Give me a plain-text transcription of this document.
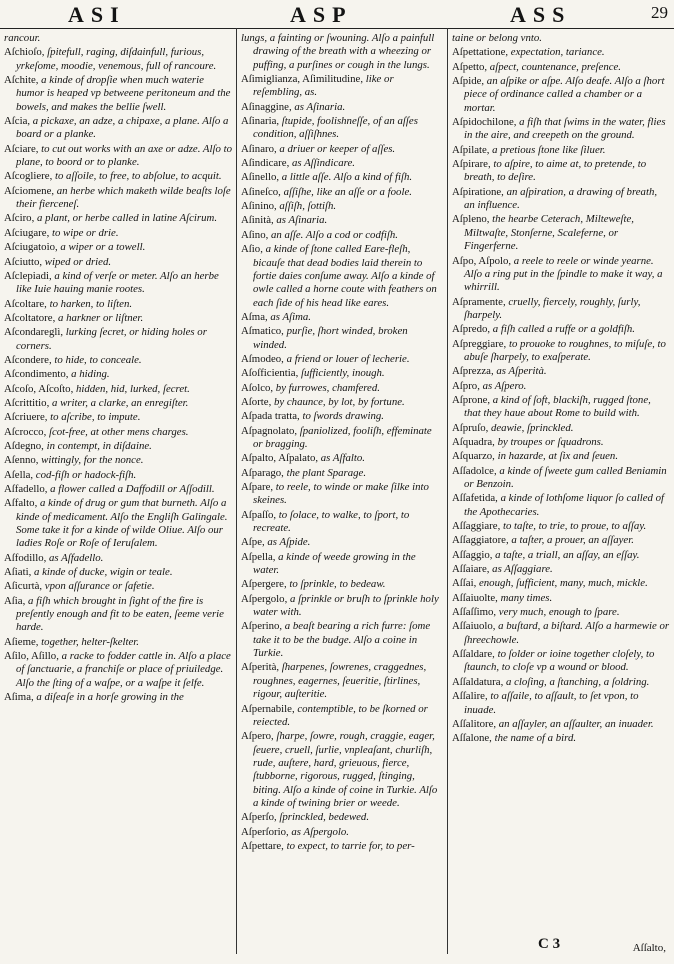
ASI	ASP	ASS	29
rancour.
Aſchioſo, ſpitefull, raging, diſdainfull, furious, yrkeſome, moodie, venemous, full of rancoure.
Aſchite, a kinde of dropſie when much waterie humor is heaped vp betweene peritoneum and the bowels, and makes the bellie ſwell.
Aſcia, a pickaxe, an adze, a chipaxe, a plane. Alſo a board or a planke.
Aſciare, to cut out works with an axe or adze. Alſo to plane, to boord or to planke.
Aſcogliere, to aſſoile, to free, to abſolue, to acquit.
Aſciomene, an herbe which maketh wilde beaſts loſe their fierceneſ.
Aſciro, a plant, or herbe called in latine Aſcirum.
Aſciugare, to wipe or drie.
Aſciugatoio, a wiper or a towell.
Aſciutto, wiped or dried.
Aſclepiadi, a kind of verſe or meter. Alſo an herbe like Iuie hauing manie rootes.
Aſcoltare, to harken, to liſten.
Aſcoltatore, a harkner or liſtner.
Aſcondareglì, lurking ſecret, or hiding holes or corners.
Aſcondere, to hide, to conceale.
Aſcondimento, a hiding.
Aſcoſo, Aſcoſto, hidden, hid, lurked, ſecret.
Aſcrittitio, a writer, a clarke, an enregiſter.
Aſcriuere, to aſcribe, to impute.
Aſcrocco, ſcot-free, at other mens charges.
Aſdegno, in contempt, in diſdaine.
Aſenno, wittingly, for the nonce.
Aſella, cod-fiſh or hadock-fiſh.
Aſfadello, a flower called a Daffodill or Aſſodill.
Aſfalto, a kinde of drug or gum that burneth. Alſo a kinde of medicament. Alſo the Engliſh Galingale. Some take it for a kinde of wilde Oliue. Alſo our ladies Roſe or Roſe of Ieruſalem.
Aſfodillo, as Aſfadello.
Aſiati, a kinde of ducke, wigin or teale.
Aſicurtà, vpon aſſurance or ſafetie.
Aſia, a fiſh which brought in ſight of the fire is preſently enough and fit to be eaten, ſeeme verie harde.
Aſieme, together, helter-ſkelter.
Aſilo, Aſillo, a racke to fodder cattle in. Alſo a place of ſanctuarie, a franchiſe or place of priuiledge. Alſo the ſting of a waſpe, or a waſpe it ſelfe.
Aſima, a diſeaſe in a horſe growing in the
lungs, a fainting or ſwouning. Alſo a painfull drawing of the breath with a wheezing or puffing, a purſines or cough in the lungs.
Aſimiglianza, Aſimilitudine, like or reſembling, as.
Aſinaggine, as Aſinaria.
Aſinaria, ſtupide, foolishneſſe, of an aſſes condition, aſſiſhnes.
Aſinaro, a driuer or keeper of aſſes.
Aſindicare, as Aſſindicare.
Aſinello, a little aſſe. Alſo a kind of fiſh.
Aſineſco, aſſiſhe, like an aſſe or a foole.
Aſinino, aſſiſh, ſottiſh.
Aſinità, as Aſinaria.
Aſino, an aſſe. Alſo a cod or codfiſh.
Aſio, a kinde of ſtone called Eare-fleſh, bicauſe that dead bodies laid therein to fortie daies conſume away. Alſo a kinde of owle called a horne coute with feathers on each ſide of his head like eares.
Aſma, as Aſima.
Aſmatico, purſie, ſhort winded, broken winded.
Aſmodeo, a friend or louer of lecherie.
Aſoſficientia, ſufficiently, inough.
Aſolco, by furrowes, chamfered.
Aſorte, by chaunce, by lot, by fortune.
Aſpada tratta, to ſwords drawing.
Aſpagnolato, ſpaniolized, fooliſh, effeminate or bragging.
Aſpalto, Aſpalato, as Aſfalto.
Aſparago, the plant Sparage.
Aſpare, to reele, to winde or make ſilke into skeines.
Aſpaſſo, to ſolace, to walke, to ſport, to recreate.
Aſpe, as Aſpide.
Aſpella, a kinde of weede growing in the water.
Aſpergere, to ſprinkle, to bedeaw.
Aſpergolo, a ſprinkle or bruſh to ſprinkle holy water with.
Aſperino, a beaſt bearing a rich furre: ſome take it to be the budge. Alſo a coine in Turkie.
Aſperità, ſharpenes, ſowrenes, craggednes, roughnes, eagernes, ſeueritie, ſtirlines, rigour, auſteritie.
Aſpernabile, contemptible, to be ſkorned or reiected.
Aſpero, ſharpe, ſowre, rough, craggie, eager, ſeuere, cruell, ſurlie, vnpleaſant, churliſh, rude, auſtere, hard, grieuous, fierce, ſtubborne, rigorous, rugged, ſtinging, biting. Alſo a kinde of coine in Turkie. Alſo a kinde of twining brier or weede.
Aſperſo, ſprinckled, bedewed.
Aſperſorio, as Aſpergolo.
Aſpettare, to expect, to tarrie for, to per-
taine or belong vnto.
Aſpettatione, expectation, tariance.
Aſpetto, aſpect, countenance, preſence.
Aſpide, an aſpike or aſpe. Alſo deafe. Alſo a ſhort piece of ordinance called a chamber or a mortar.
Aſpidochilone, a fiſh that ſwims in the water, flies in the aire, and creepeth on the ground.
Aſpilate, a pretious ſtone like ſiluer.
Aſpirare, to aſpire, to aime at, to pretende, to breath, to deſire.
Aſpiratione, an aſpiration, a drawing of breath, an influence.
Aſpleno, the hearbe Ceterach, Milteweſte, Miltwaſte, Stonſerne, Scaleferne, or Fingerferne.
Aſpo, Aſpolo, a reele to reele or winde yearne. Alſo a ring put in the ſpindle to make it way, a whirrill.
Aſpramente, cruelly, fiercely, roughly, ſurly, ſharpely.
Aſpredo, a fiſh called a ruffe or a goldfiſh.
Aſpreggiare, to prouoke to roughnes, to miſuſe, to abuſe ſharpely, to exaſperate.
Aſprezza, as Aſperità.
Aſpro, as Aſpero.
Aſprone, a kind of ſoft, blackiſh, rugged ſtone, that they haue about Rome to build with.
Aſpruſo, deawie, ſprinckled.
Aſquadra, by troupes or ſquadrons.
Aſquarzo, in hazarde, at ſix and ſeuen.
Aſſadolce, a kinde of ſweete gum called Beniamin or Benzoin.
Aſſafetida, a kinde of lothſome liquor ſo called of the Apothecaries.
Aſſaggiare, to taſte, to trie, to proue, to aſſay.
Aſſaggiatore, a taſter, a prouer, an aſſayer.
Aſſaggio, a taſte, a triall, an aſſay, an eſſay.
Aſſaiare, as Aſſaggiare.
Aſſai, enough, ſufficient, many, much, mickle.
Aſſaiuolte, many times.
Aſſaſſimo, very much, enough to ſpare.
Aſſaiuolo, a buſtard, a biſtard. Alſo a harmewie or ſhreechowle.
Aſſaldare, to ſolder or ioine together cloſely, to ſtaunch, to cloſe vp a wound or blood.
Aſſaldatura, a cloſing, a ſtanching, a ſoldring.
Aſſalire, to aſſaile, to aſſault, to ſet vpon, to inuade.
Aſſalitore, an aſſayler, an aſſaulter, an inuader.
Aſſalone, the name of a bird.
C 3	Aſſalto,
